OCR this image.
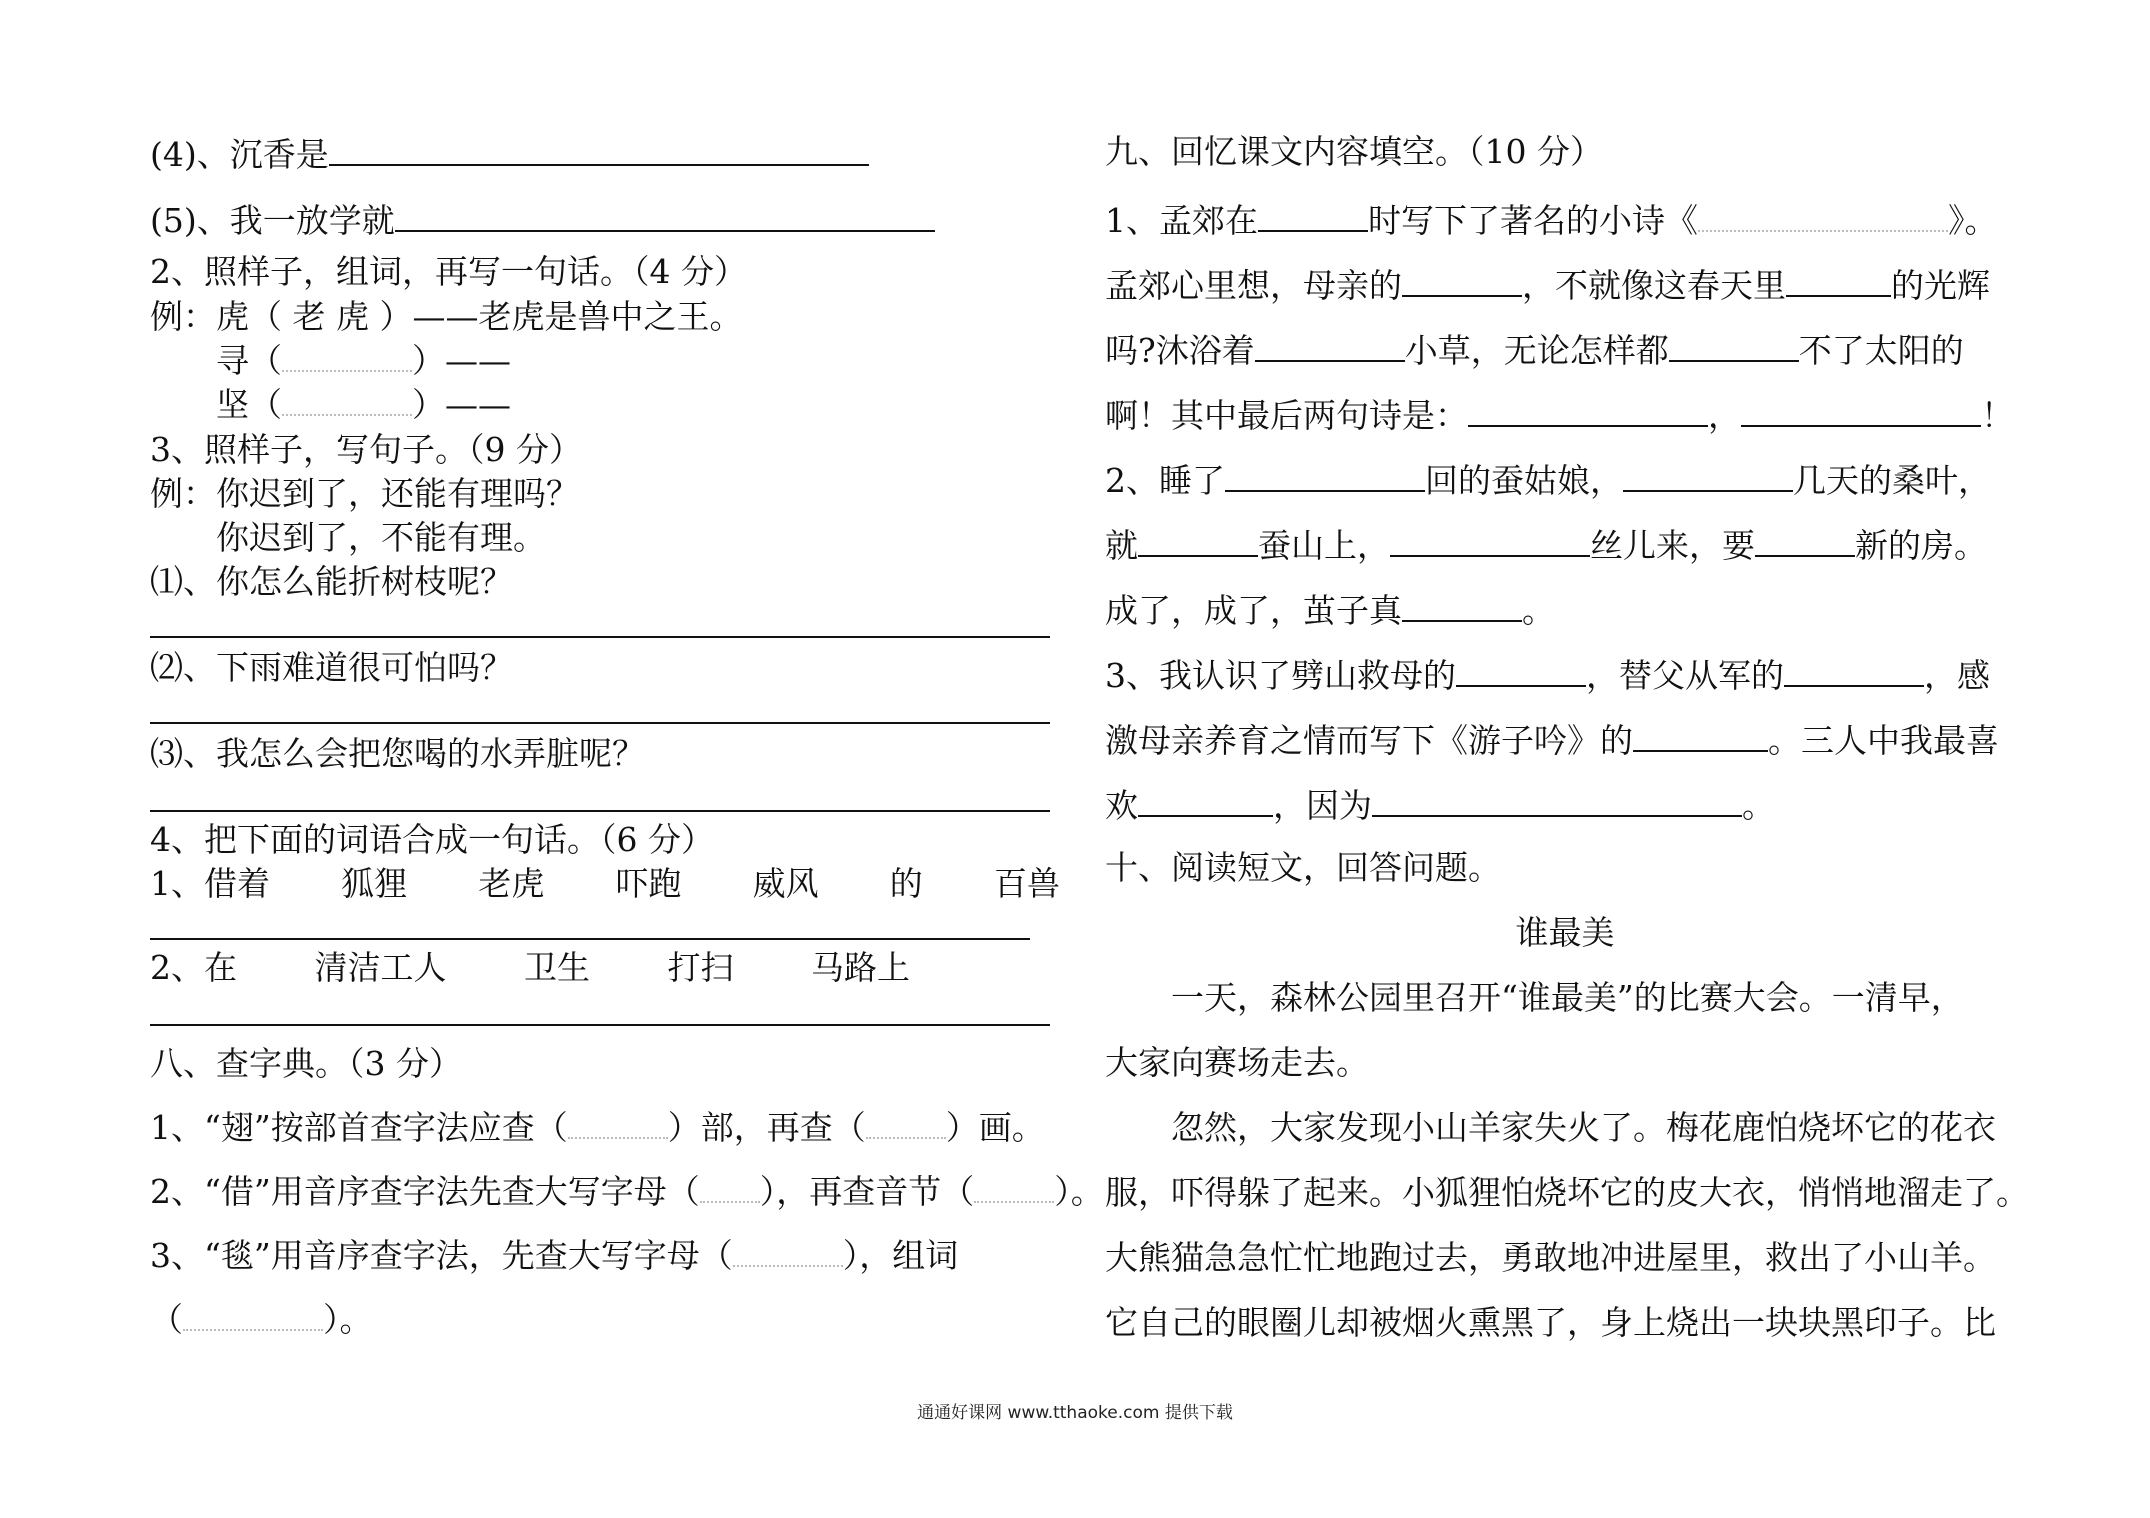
(4)、沉香是
(5)、我一放学就
2、照样子，组词，再写一句话。（4 分）
例：虎（ 老 虎 ）——老虎是兽中之王。
寻（	）——
坚（	）——
3、照样子，写句子。（9 分）
例：你迟到了，还能有理吗？
你迟到了，不能有理。
⑴、你怎么能折树枝呢？
⑵、下雨难道很可怕吗？
⑶、我怎么会把您喝的水弄脏呢？
4、把下面的词语合成一句话。（6 分）
1、借着 狐狸 老虎 吓跑 威风 的 百兽
2、在 清洁工人 卫生 打扫 马路上
八、查字典。（3 分）
1、“翅”按部首查字法应查（	）部，再查（ ）画。
2、“借”用音序查字法先查大写字母（ ），再查音节（ ）。
3、“毯”用音序查字法，先查大写字母（	），组词
（	）。
九、回忆课文内容填空。（10 分）
1、孟郊在	时写下了著名的小诗《	》。
孟郊心里想，母亲的	，不就像这春天里	的光辉
吗?沐浴着	小草，无论怎样都	不了太阳的
啊！其中最后两句诗是：	，	！
2、睡了	回的蚕姑娘，	几天的桑叶，
就	蚕山上，	丝儿来，要	新的房。
成了，成了，茧子真	。
3、我认识了劈山救母的	，替父从军的	，感
激母亲养育之情而写下《游子吟》的	。三人中我最喜
欢	，因为	。
十、阅读短文，回答问题。
谁最美
一天，森林公园里召开“谁最美”的比赛大会。一清早，
大家向赛场走去。
忽然，大家发现小山羊家失火了。梅花鹿怕烧坏它的花衣
服，吓得躲了起来。小狐狸怕烧坏它的皮大衣，悄悄地溜走了。
大熊猫急急忙忙地跑过去，勇敢地冲进屋里，救出了小山羊。
它自己的眼圈儿却被烟火熏黑了，身上烧出一块块黑印子。比
通通好课网 www.tthaoke.com 提供下载
